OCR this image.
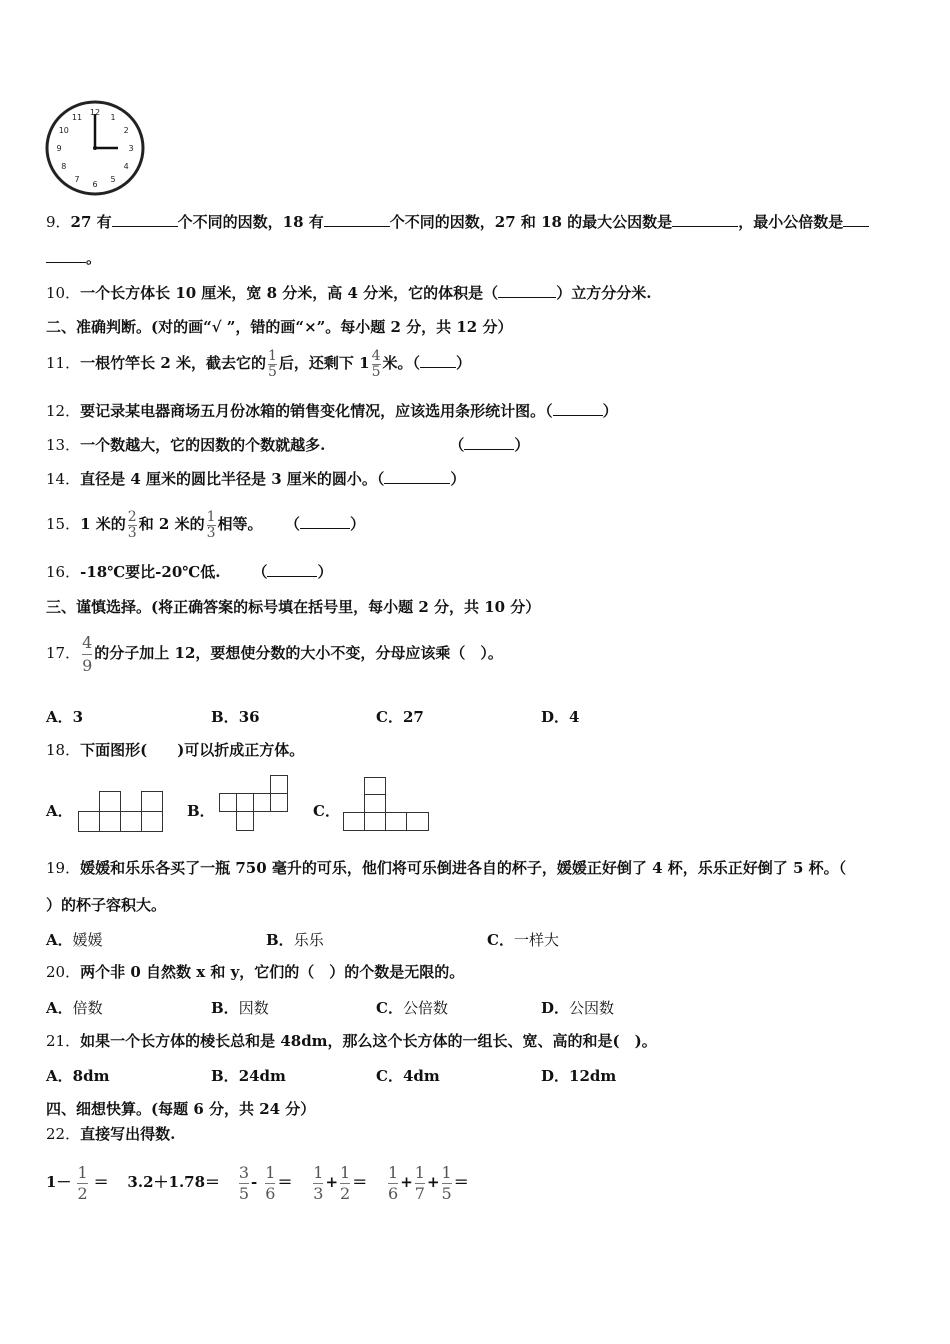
12
1
2
3
4
5
6
7
8
9
10
11
9．27 有	个不同的因数，18 有	个不同的因数，27 和 18 的最大公因数是	，最小公倍数是
。
10．一个长方体长 10 厘米，宽 8 分米，高 4 分米，它的体积是（	）立方分分米.
二、准确判断。(对的画“√ ”，错的画“×”。每小题 2 分，共 12 分）
11．一根竹竿长 2 米，截去它的 $\frac{1}{5}$ 后，还剩下 $1 \frac{4}{5}$ 米。（ ）
12．要记录某电器商场五月份冰箱的销售变化情况，应该选用条形统计图。（	）
13．一个数越大，它的因数的个数就越多.	（	）
14．直径是 4 厘米的圆比半径是 3 厘米的圆小。（	）
15．1 米的 $\frac{2}{3}$ 和 2 米的 $\frac{1}{3}$ 相等。 （	）
16．-18℃要比-20℃低. （	）
三、谨慎选择。(将正确答案的标号填在括号里，每小题 2 分，共 10 分）
17． $\frac{4}{9}$ 的分子加上 12，要想使分数的大小不变，分母应该乘（　）。
A．3	B．36	C．27	D．4
18．下面图形(　　)可以折成正方体。
A．	B．	C．
19．媛媛和乐乐各买了一瓶 750 毫升的可乐，他们将可乐倒进各自的杯子，媛媛正好倒了 4 杯，乐乐正好倒了 5 杯。（
）的杯子容积大。
A．媛媛	B．乐乐	C．一样大
20．两个非 0 自然数 x 和 y，它们的（　）的个数是无限的。
A．倍数	B．因数	C．公倍数	D．公因数
21．如果一个长方体的棱长总和是 48dm，那么这个长方体的一组长、宽、高的和是(　)。
A．8dm	B．24dm	C．4dm	D．12dm
四、细想快算。(每题 6 分，共 24 分）
22．直接写出得数.
$1- \frac{1}{2} = 3.2+1.78= \frac{3}{5} - \frac{1}{6} = \frac{1}{3} + \frac{1}{2} = \frac{1}{6} + \frac{1}{7} + \frac{1}{5}$ ＝
